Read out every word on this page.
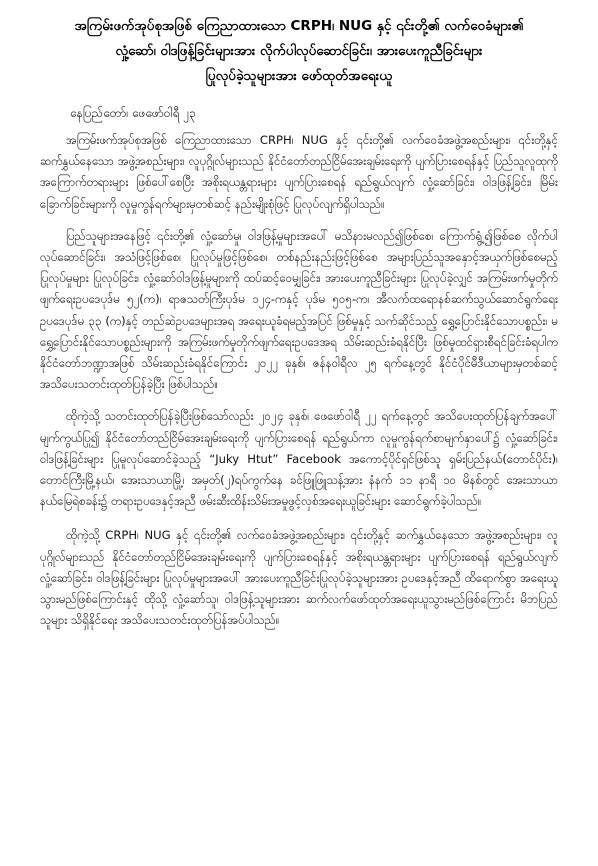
အကြမ်းဖက်အုပ်စုအဖြစ် ကြေညာထားသော CRPH၊ NUG နှင့် ၎င်းတို့၏ လက်ဝေခံများ၏
လှုံ့ဆော်၊ ဝါဒဖြန့်ခြင်းများအား လိုက်ပါလုပ်ဆောင်ခြင်း၊ အားပေးကူညီခြင်းများ
ပြုလုပ်ခဲ့သူများအား ဖော်ထုတ်အရေးယူ

နေပြည်တော်၊ ဖေဖော်ဝါရီ ၂၃

အကြမ်းဖက်အုပ်စုအဖြစ် ကြေညာထားသော CRPH၊ NUG နှင့် ၎င်းတို့၏ လက်ဝေခံအဖွဲ့အစည်းများ၊ ၎င်းတို့နှင့် ဆက်နွှယ်နေသော အဖွဲ့အစည်းများ၊ လူပုဂ္ဂိုလ်များသည် နိုင်ငံတော်တည်ငြိမ်အေးချမ်းရေးကို ပျက်ပြားစေရန်နှင့် ပြည်သူလူထုကို အကြောက်တရားများ ဖြစ်ပေါ်စေပြီး အစိုးရယန္တရားများ ပျက်ပြားစေရန် ရည်ရွယ်လျက် လှုံ့ဆော်ခြင်း၊ ဝါဒဖြန့်ခြင်း၊ မြိမ်းခြောက်ခြင်းများကို လူမှုကွန်ရက်များမှတစ်ဆင့် နည်းမျိုးစုံဖြင့် ပြုလုပ်လျက်ရှိပါသည်။

ပြည်သူများအနေဖြင့် ၎င်းတို့၏ လှုံ့ဆော်မှု၊ ဝါဒဖြန့်မှုများအပေါ် မသိနားမလည်၍ဖြစ်စေ၊ ကြောက်ရွံ့၍ဖြစ်စေ လိုက်ပါလုပ်ဆောင်ခြင်း၊ အသံဖြင့်ဖြစ်စေ၊ ပြုလုပ်မှုဖြင့်ဖြစ်စေ၊ တစ်နည်းနည်းဖြင့်ဖြစ်စေ အများပြည်သူအနှောင့်အယှက်ဖြစ်စေမည့် ပြုလုပ်မှုများ ပြုလုပ်ခြင်း၊ လှုံ့ဆော်ဝါဒဖြန့်မှုများကို ထပ်ဆင့်ဝေမျှခြင်း၊ အားပေးကူညီခြင်းများ ပြုလုပ်ခဲ့လျှင် အကြမ်းဖက်မှုတိုက်ဖျက်ရေးဥပဒေပုဒ်မ ၅၂(က)၊ ရာဇသတ်ကြီးပုဒ်မ ၁၂၄-ကနှင့် ပုဒ်မ ၅၀၅-က၊ အီလက်ထရောနစ်ဆက်သွယ်ဆောင်ရွက်ရေးဥပဒေပုဒ်မ ၃၃ (က)နှင့် တည်ဆဲဥပဒေများအရ အရေးယူခံရမည့်အပြင် ဖြစ်မှုနှင့် သက်ဆိုင်သည့် ရွှေ့ပြောင်းနိုင်သောပစ္စည်း၊ မရွှေ့ပြောင်းနိုင်သောပစ္စည်းများကို အကြမ်းဖက်မှုတိုက်ဖျက်ရေးဥပဒေအရ သိမ်းဆည်းခံရနိုင်ပြီး ဖြစ်မှုထင်ရှားစီရင်ခြင်းခံရပါက နိုင်ငံတော်ဘဏ္ဍာအဖြစ် သိမ်းဆည်းခံရနိုင်ကြောင်း ၂၀၂၂ ခုနှစ်၊ ဇန်နဝါရီလ ၂၅ ရက်နေ့တွင် နိုင်ငံပိုင်မီဒီယာများမှတစ်ဆင့် အသိပေးသတင်းထုတ်ပြန်ခဲ့ပြီး ဖြစ်ပါသည်။

ထိုကဲ့သို့ သတင်းထုတ်ပြန်ခဲ့ပြီးဖြစ်သော်လည်း ၂၀၂၄ ခုနှစ်၊ ဖေဖော်ဝါရီ ၂၂ ရက်နေ့တွင် အသိပေးထုတ်ပြန်ချက်အပေါ် မျက်ကွယ်ပြု၍ နိုင်ငံတော်တည်ငြိမ်အေးချမ်းရေးကို ပျက်ပြားစေရန် ရည်ရွယ်ကာ လူမှုကွန်ရက်စာမျက်နှာပေါ်၌ လှုံ့ဆော်ခြင်း၊ ဝါဒဖြန့်ခြင်းများ ပြုမူလုပ်ဆောင်ခဲ့သည့် “Juky Htut” Facebook အကောင့်ပိုင်ရှင်ဖြစ်သူ ရှမ်းပြည်နယ်(တောင်ပိုင်း)၊ တောင်ကြီးမြို့နယ်၊ အေးသာယာမြို့၊ အမှတ်(၂)ရပ်ကွက်နေ ခင်ဖြူဖြူသန့်အား နံနက် ၁၁ နာရီ ၁၀ မိနစ်တွင် အေးသာယာနယ်မြေရဲစခန်း၌ တရားဥပဒေနှင့်အညီ ဖမ်းဆီးထိန်းသိမ်းအမှုဖွင့်လှစ်အရေးယူခြင်းများ ဆောင်ရွက်ခဲ့ပါသည်။

ထိုကဲ့သို့ CRPH၊ NUG နှင့် ၎င်းတို့၏ လက်ဝေခံအဖွဲ့အစည်းများ၊ ၎င်းတို့နှင့် ဆက်နွှယ်နေသော အဖွဲ့အစည်းများ၊ လူပုဂ္ဂိုလ်များသည် နိုင်ငံတော်တည်ငြိမ်အေးချမ်းရေးကို ပျက်ပြားစေရန်နှင့် အစိုးရယန္တရားများ ပျက်ပြားစေရန် ရည်ရွယ်လျက် လှုံ့ဆော်ခြင်း၊ ဝါဒဖြန့်ခြင်းများ ပြုလုပ်မှုများအပေါ် အားပေးကူညီခြင်းပြုလုပ်ခဲ့သူများအား ဥပဒေနှင့်အညီ ထိရောက်စွာ အရေးယူသွားမည်ဖြစ်ကြောင်းနှင့် ထိုသို့ လှုံ့ဆော်သူ၊ ဝါဒဖြန့်သူများအား ဆက်လက်ဖော်ထုတ်အရေးယူသွားမည်ဖြစ်ကြောင်း မိဘပြည်သူများ သိရှိနိုင်ရေး အသိပေးသတင်းထုတ်ပြန်အပ်ပါသည်။
